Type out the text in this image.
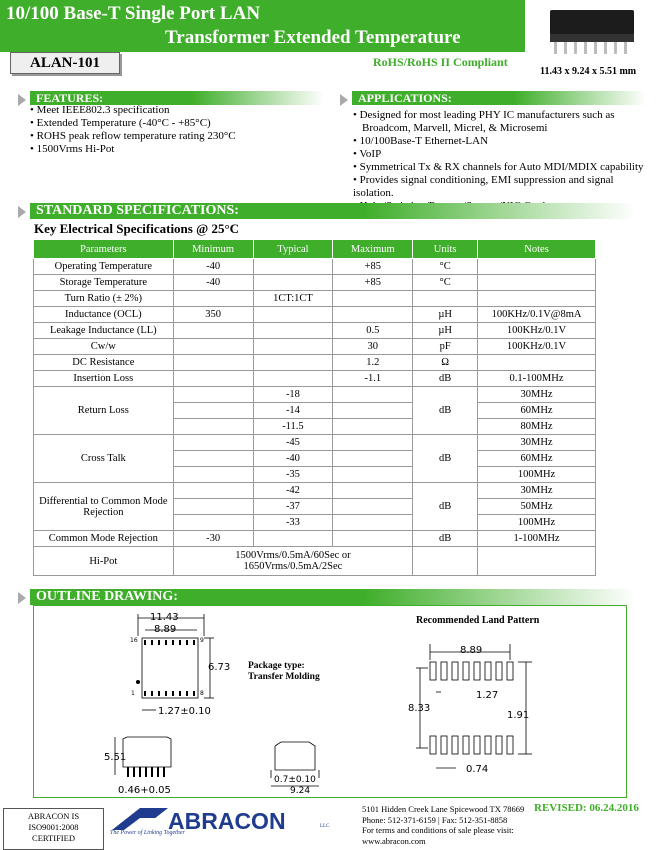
10/100 Base-T Single Port LAN
Transformer Extended Temperature
ALAN-101	RoHS/RoHS II Compliant
11.43 x 9.24 x 5.51 mm
FEATURES:
• Meet IEEE802.3 specification
• Extended Temperature (-40°C - +85°C)
• ROHS peak reflow temperature rating 230°C
• 1500Vrms Hi-Pot
APPLICATIONS:
• Designed for most leading PHY IC manufacturers such as Broadcom, Marvell, Micrel, & Microsemi
• 10/100Base-T Ethernet-LAN
• VoIP
• Symmetrical Tx & RX channels for Auto MDI/MDIX capability
• Provides signal conditioning, EMI suppression and signal isolation.
•
STANDARD SPECIFICATIONS:
Key Electrical Specifications @ 25°C
Parameters	Minimum	Typical	Maximum	Units	Notes
Operating Temperature	-40		+85	°C	
Storage Temperature	-40		+85	°C	
Turn Ratio (± 2%)		1CT:1CT			
Inductance (OCL)	350			µH	100KHz/0.1V@8mA
Leakage Inductance (LL)			0.5	µH	100KHz/0.1V
Cw/w			30	pF	100KHz/0.1V
DC Resistance			1.2	Ω	
Insertion Loss			-1.1	dB	0.1-100MHz
Return Loss		-18		dB	30MHz
		-14			60MHz
		-11.5			80MHz
Cross Talk		-45		dB	30MHz
		-40			60MHz
		-35			100MHz
Differential to Common Mode Rejection		-42		dB	30MHz
		-37			50MHz
		-33			100MHz
Common Mode Rejection	-30			dB	1-100MHz
Hi-Pot	1500Vrms/0.5mA/60Sec or
1650Vrms/0.5mA/2Sec				

OUTLINE DRAWING:
11.43
8.89
6.73
16	9
1	8
1.27±0.10
Package type:
Transfer Molding
5.51
0.46+0.05
0.7±0.10
9.24
Recommended Land Pattern
8.89
1.27
8.33
1.91
0.74
ABRACON IS
ISO9001:2008
CERTIFIED
ABRACON	LLC
The Power of Linking Together
5101 Hidden Creek Lane Spicewood TX 78669
Phone: 512-371-6159 | Fax: 512-351-8858
For terms and conditions of sale please visit:
www.abracon.com
REVISED: 06.24.2016
